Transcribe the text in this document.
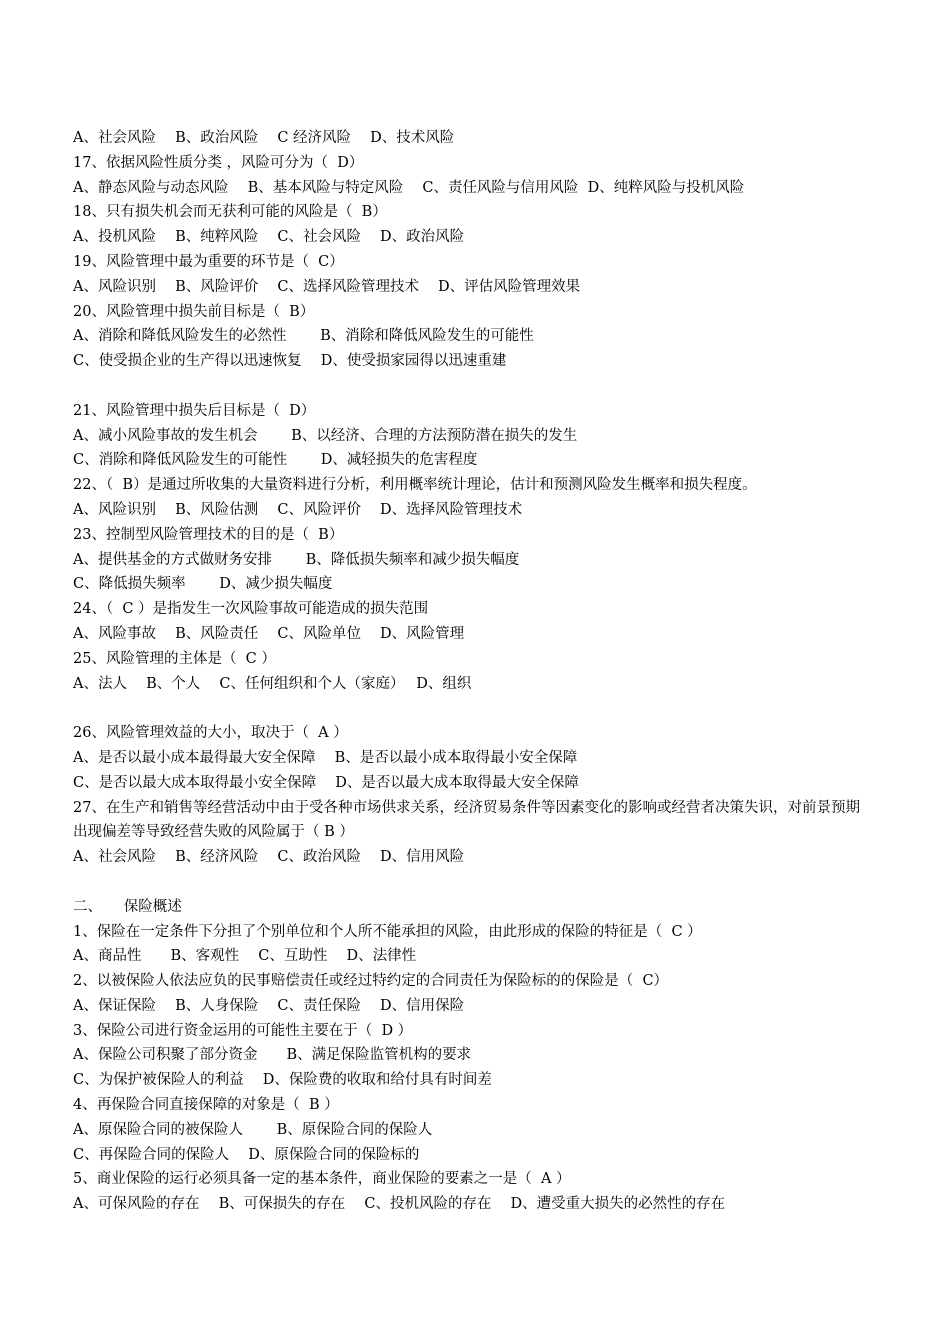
A、社会风险　 B、政治风险　 C 经济风险　 D、技术风险
17、依据风险性质分类 ，风险可分为（  D）
A、静态风险与动态风险　 B、基本风险与特定风险　 C、责任风险与信用风险  D、纯粹风险与投机风险
18、只有损失机会而无获利可能的风险是（  B）
A、投机风险　 B、纯粹风险　 C、社会风险　 D、政治风险
19、风险管理中最为重要的环节是（  C）
A、风险识别　 B、风险评价　 C、选择风险管理技术　 D、评估风险管理效果
20、风险管理中损失前目标是（  B）
A、消除和降低风险发生的必然性　　 B、消除和降低风险发生的可能性
C、使受损企业的生产得以迅速恢复　 D、使受损家园得以迅速重建
21、风险管理中损失后目标是（  D）
A、减小风险事故的发生机会　　 B、以经济、合理的方法预防潜在损失的发生
C、消除和降低风险发生的可能性　　 D、减轻损失的危害程度
22、（  B）是通过所收集的大量资料进行分析，利用概率统计理论，估计和预测风险发生概率和损失程度。
A、风险识别　 B、风险估测　 C、风险评价　 D、选择风险管理技术
23、控制型风险管理技术的目的是（  B）
A、提供基金的方式做财务安排　　 B、降低损失频率和减少损失幅度
C、降低损失频率　　 D、减少损失幅度
24、（  C ）是指发生一次风险事故可能造成的损失范围
A、风险事故　 B、风险责任　 C、风险单位　 D、风险管理
25、风险管理的主体是（  C ）
A、法人　 B、个人　 C、任何组织和个人（家庭）　 D、组织
26、风险管理效益的大小，取决于（  A ）
A、是否以最小成本最得最大安全保障　 B、是否以最小成本取得最小安全保障
C、是否以最大成本取得最小安全保障　 D、是否以最大成本取得最大安全保障
27、在生产和销售等经营活动中由于受各种市场供求关系，经济贸易条件等因素变化的影响或经营者决策失识，对前景预期出现偏差等导致经营失败的风险属于（ B ）
A、社会风险　 B、经济风险　 C、政治风险　 D、信用风险
二、　　保险概述
1、保险在一定条件下分担了个别单位和个人所不能承担的风险，由此形成的保险的特征是（  C ）
A、商品性　　B、客观性　 C、互助性　 D、法律性
2、以被保险人依法应负的民事赔偿责任或经过特约定的合同责任为保险标的的保险是（  C）
A、保证保险　 B、人身保险　 C、责任保险　 D、信用保险
3、保险公司进行资金运用的可能性主要在于（  D ）
A、保险公司积聚了部分资金　　B、满足保险监管机构的要求
C、为保护被保险人的利益　 D、保险费的收取和给付具有时间差
4、再保险合同直接保障的对象是（  B ）
A、原保险合同的被保险人　　 B、原保险合同的保险人
C、再保险合同的保险人　 D、原保险合同的保险标的
5、商业保险的运行必须具备一定的基本条件，商业保险的要素之一是（  A ）
A、可保风险的存在　 B、可保损失的存在　 C、投机风险的存在　 D、遭受重大损失的必然性的存在
